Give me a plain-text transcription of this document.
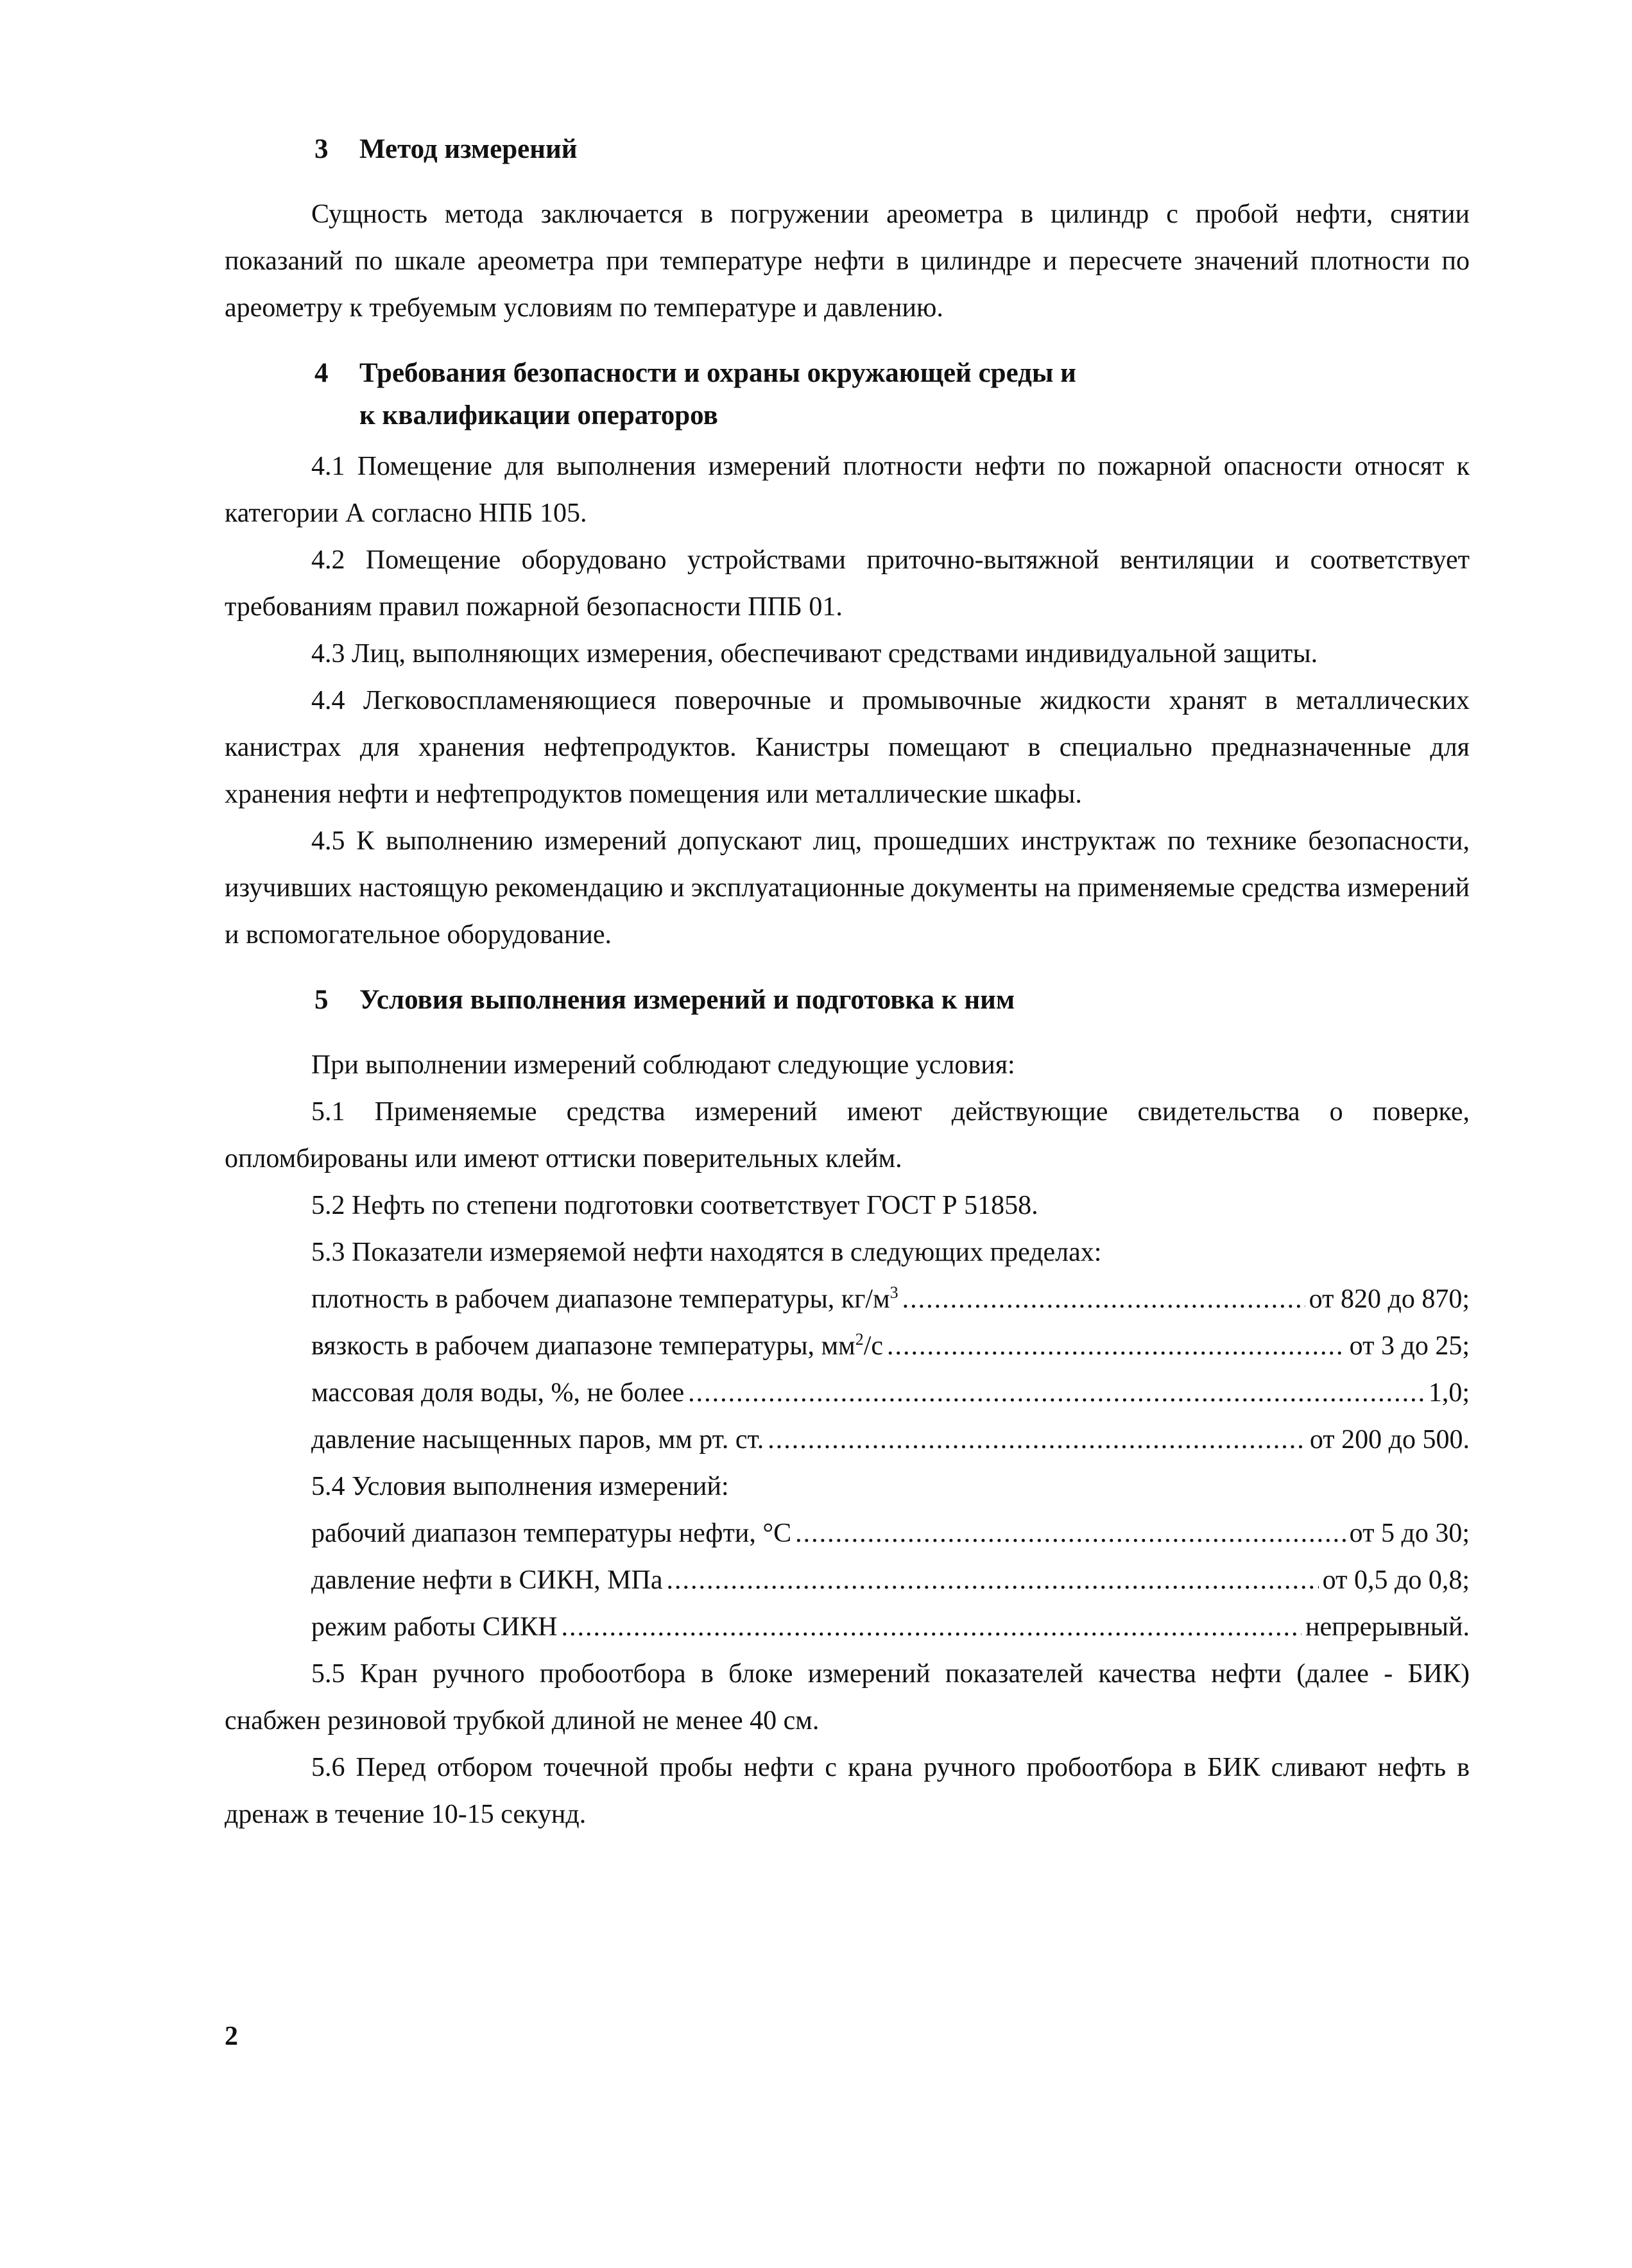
3 Метод измерений

Сущность метода заключается в погружении ареометра в цилиндр с пробой нефти, снятии показаний по шкале ареометра при температуре нефти в цилиндре и пересчете значений плотности по ареометру к требуемым условиям по температуре и давлению.

4 Требования безопасности и охраны окружающей среды и
к квалификации операторов

4.1 Помещение для выполнения измерений плотности нефти по пожарной опасности относят к категории А согласно НПБ 105.

4.2 Помещение оборудовано устройствами приточно-вытяжной вентиляции и соответствует требованиям правил пожарной безопасности ППБ 01.

4.3 Лиц, выполняющих измерения, обеспечивают средствами индивидуальной защиты.

4.4 Легковоспламеняющиеся поверочные и промывочные жидкости хранят в металлических канистрах для хранения нефтепродуктов. Канистры помещают в специально предназначенные для хранения нефти и нефтепродуктов помещения или металлические шкафы.

4.5 К выполнению измерений допускают лиц, прошедших инструктаж по технике безопасности, изучивших настоящую рекомендацию и эксплуатационные документы на применяемые средства измерений и вспомогательное оборудование.

5 Условия выполнения измерений и подготовка к ним

При выполнении измерений соблюдают следующие условия:

5.1 Применяемые средства измерений имеют действующие свидетельства о поверке, опломбированы или имеют оттиски поверительных клейм.

5.2 Нефть по степени подготовки соответствует ГОСТ Р 51858.

5.3 Показатели измеряемой нефти находятся в следующих пределах:

плотность в рабочем диапазоне температуры, $кг/м^3$ .....	от 820 до 870;
вязкость в рабочем диапазоне температуры, $мм^2/с$ .....	от 3 до 25;
массовая доля воды, %, не более .....	1,0;
давление насыщенных паров, мм рт. ст. .....	от 200 до 500.

5.4 Условия выполнения измерений:

рабочий диапазон температуры нефти, °С .....	от 5 до 30;
давление нефти в СИКН, МПа .....	от 0,5 до 0,8;
режим работы СИКН .....	непрерывный.

5.5 Кран ручного пробоотбора в блоке измерений показателей качества нефти (далее - БИК) снабжен резиновой трубкой длиной не менее 40 см.

5.6 Перед отбором точечной пробы нефти с крана ручного пробоотбора в БИК сливают нефть в дренаж в течение 10-15 секунд.

2
